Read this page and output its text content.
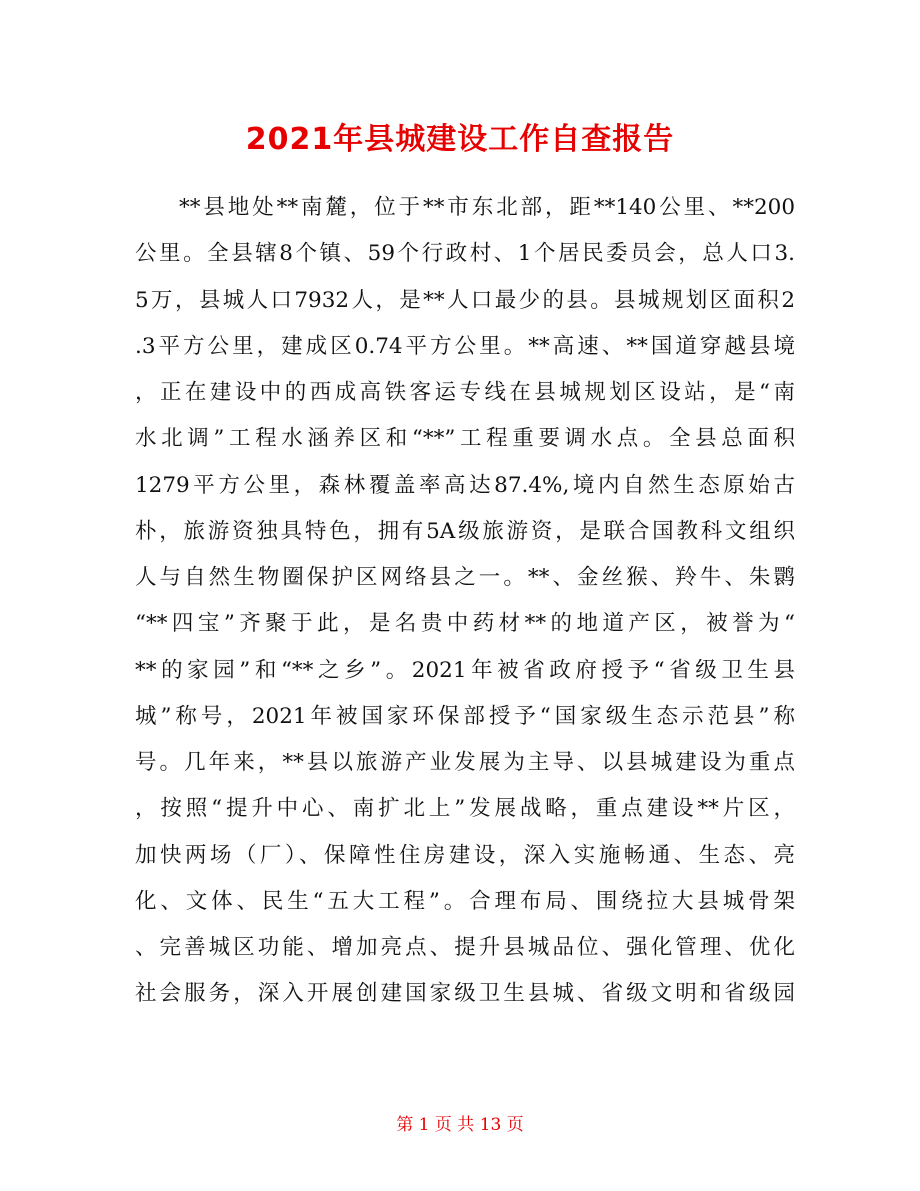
2021年县城建设工作自查报告
**县地处**南麓，位于**市东北部，距**140公里、**200
公里。全县辖8个镇、59个行政村、1个居民委员会，总人口3.
5万，县城人口7932人，是**人口最少的县。县城规划区面积2
.3平方公里，建成区0.74平方公里。**高速、**国道穿越县境
，正在建设中的西成高铁客运专线在县城规划区设站，是“南
水北调”工程水涵养区和“**”工程重要调水点。全县总面积
1279平方公里，森林覆盖率高达87.4%,境内自然生态原始古
朴，旅游资独具特色，拥有5A级旅游资，是联合国教科文组织
人与自然生物圈保护区网络县之一。**、金丝猴、羚牛、朱鹮
“**四宝”齐聚于此，是名贵中药材**的地道产区，被誉为“
**的家园”和“**之乡”。2021年被省政府授予“省级卫生县
城”称号，2021年被国家环保部授予“国家级生态示范县”称
号。几年来，**县以旅游产业发展为主导、以县城建设为重点
，按照“提升中心、南扩北上”发展战略，重点建设**片区，
加快两场（厂）、保障性住房建设，深入实施畅通、生态、亮
化、文体、民生“五大工程”。合理布局、围绕拉大县城骨架
、完善城区功能、增加亮点、提升县城品位、强化管理、优化
社会服务，深入开展创建国家级卫生县城、省级文明和省级园
第 1 页 共 13 页
